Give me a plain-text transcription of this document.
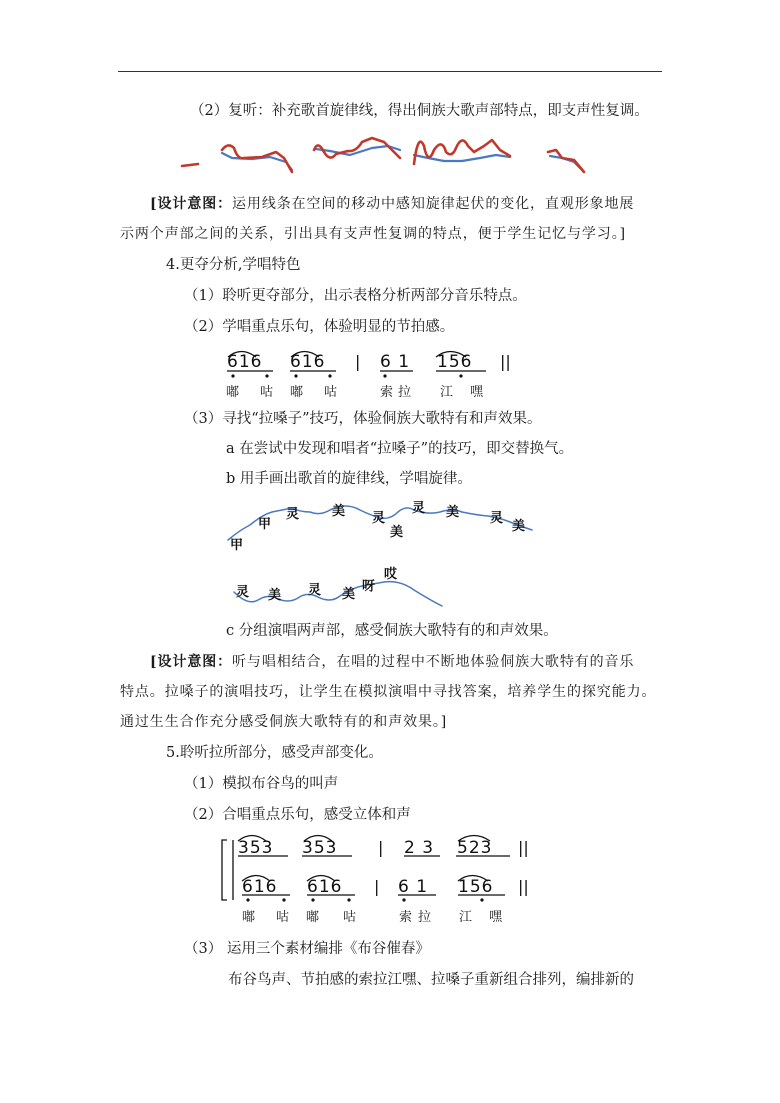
（2）复听：补充歌首旋律线，得出侗族大歌声部特点，即支声性复调。
[设计意图：运用线条在空间的移动中感知旋律起伏的变化，直观形象地展
示两个声部之间的关系，引出具有支声性复调的特点，便于学生记忆与学习。]
4.更夺分析,学唱特色
（1）聆听更夺部分，出示表格分析两部分音乐特点。
（2）学唱重点乐句，体验明显的节拍感。
616 616 | 6 1 156 ||
嘟 咕 嘟 咕	索 拉 江 嘿
（3）寻找“拉嗓子”技巧，体验侗族大歌特有和声效果。
a 在尝试中发现和唱者“拉嗓子”的技巧，即交替换气。
b 用手画出歌首的旋律线，学唱旋律。
甲
甲
灵	美 灵
美
灵 美 灵
美
灵 美 灵 美
呀
哎
c 分组演唱两声部，感受侗族大歌特有的和声效果。
[设计意图：听与唱相结合，在唱的过程中不断地体验侗族大歌特有的音乐
特点。拉嗓子的演唱技巧，让学生在模拟演唱中寻找答案，培养学生的探究能力。
通过生生合作充分感受侗族大歌特有的和声效果。]
5.聆听拉所部分，感受声部变化。
（1）模拟布谷鸟的叫声
（2）合唱重点乐句，感受立体和声
353 353	| 2 3 523 ||
616 616 | 6 1 156 ||
嘟 咕 嘟 咕	索 拉 江 嘿
（3） 运用三个素材编排《布谷催春》
布谷鸟声、节拍感的索拉江嘿、拉嗓子重新组合排列，编排新的
